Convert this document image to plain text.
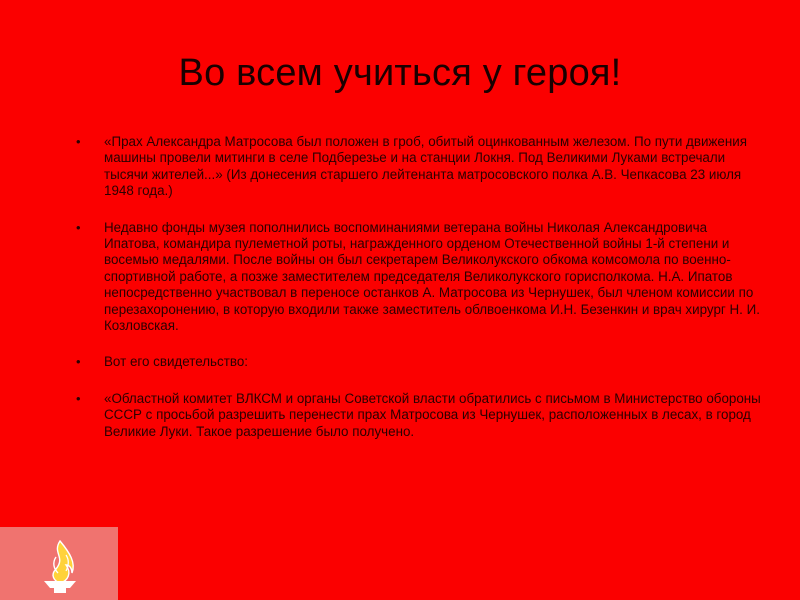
Во всем учиться у героя!
• «Прах Александра Матросова был положен в гроб, обитый оцинкованным железом. По пути движения машины провели митинги в селе Подберезье и на станции Локня. Под Великими Луками встречали тысячи жителей...» (Из донесения старшего лейтенанта матросовского полка А.В. Чепкасова 23 июля 1948 года.)
• Недавно фонды музея пополнились воспоминаниями ветерана войны Николая Александровича Ипатова, командира пулеметной роты, награжденного орденом Отечественной войны 1-й степени и восемью медалями. После войны он был секретарем Великолукского обкома комсомола по военно-спортивной работе, а позже заместителем председателя Великолукского горисполкома. Н.А. Ипатов непосредственно участвовал в переносе останков А. Матросова из Чернушек, был членом комиссии по перезахоронению, в которую входили также заместитель облвоенкома И.Н. Безенкин и врач хирург Н. И. Козловская.
• Вот его свидетельство:
• «Областной комитет ВЛКСМ и органы Советской власти обратились с письмом в Министерство обороны СССР с просьбой разрешить перенести прах Матросова из Чернушек, расположенных в лесах, в город Великие Луки. Такое разрешение было получено.
